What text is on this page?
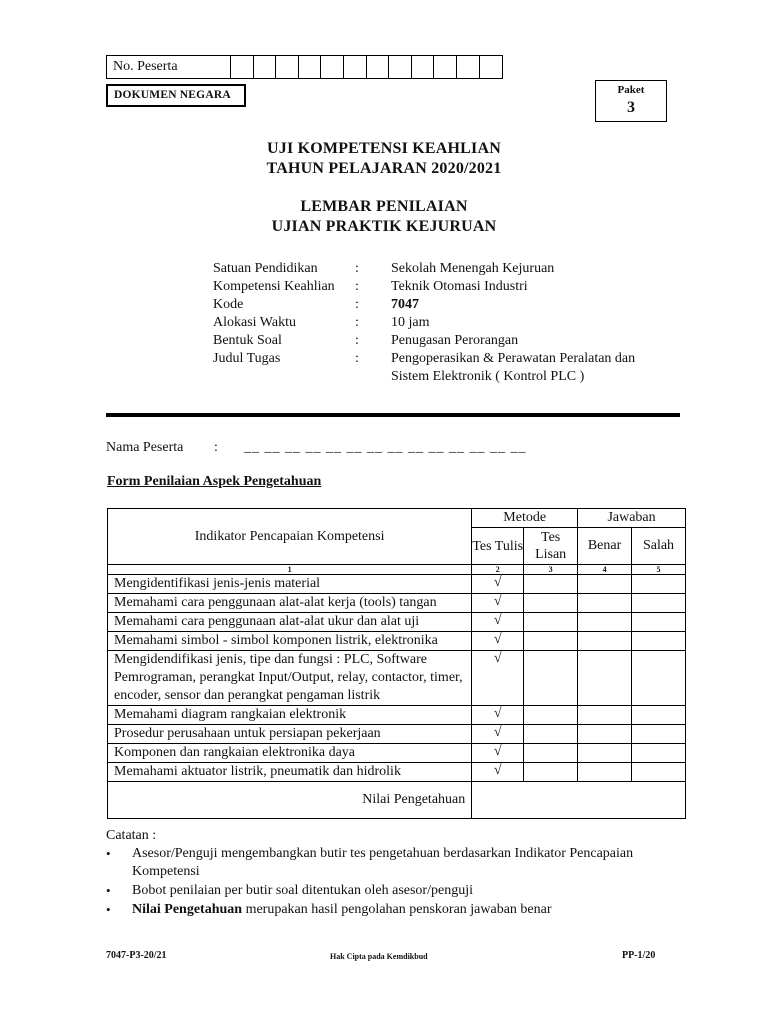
No. Peserta
DOKUMEN NEGARA	Paket
3
UJI KOMPETENSI KEAHLIAN
TAHUN PELAJARAN 2020/2021
LEMBAR PENILAIAN
UJIAN PRAKTIK KEJURUAN
Satuan Pendidikan	:	Sekolah Menengah Kejuruan
Kompetensi Keahlian	:	Teknik Otomasi Industri
Kode	:	7047
Alokasi Waktu	:	10 jam
Bentuk Soal	:	Penugasan Perorangan
Judul Tugas	:	Pengoperasikan & Perawatan Peralatan dan Sistem Elektronik ( Kontrol PLC )
Nama Peserta	:	__ __ __ __ __ __ __ __ __ __ __ __ __ __
Form Penilaian Aspek Pengetahuan
Indikator Pencapaian Kompetensi	Metode		Jawaban	
	Tes Tulis	Tes Lisan	Benar	Salah
1	2	3	4	5
Mengidentifikasi jenis-jenis material	√			
Memahami cara penggunaan alat-alat kerja (tools) tangan	√			
Memahami cara penggunaan alat-alat ukur dan alat uji	√			
Memahami simbol - simbol komponen listrik, elektronika	√			
Mengidendifikasi jenis, tipe dan fungsi : PLC, Software Pemrograman, perangkat Input/Output, relay, contactor, timer, encoder, sensor dan perangkat pengaman listrik	√			
Memahami diagram rangkaian elektronik	√			
Prosedur perusahaan untuk persiapan pekerjaan	√			
Komponen dan rangkaian elektronika daya	√			
Memahami aktuator listrik, pneumatik dan hidrolik	√			
Nilai Pengetahuan				
Catatan :
•	Asesor/Penguji mengembangkan butir tes pengetahuan berdasarkan Indikator Pencapaian Kompetensi
•	Bobot penilaian per butir soal ditentukan oleh asesor/penguji
•	Nilai Pengetahuan merupakan hasil pengolahan penskoran jawaban benar
7047-P3-20/21	Hak Cipta pada Kemdikbud	PP-1/20
